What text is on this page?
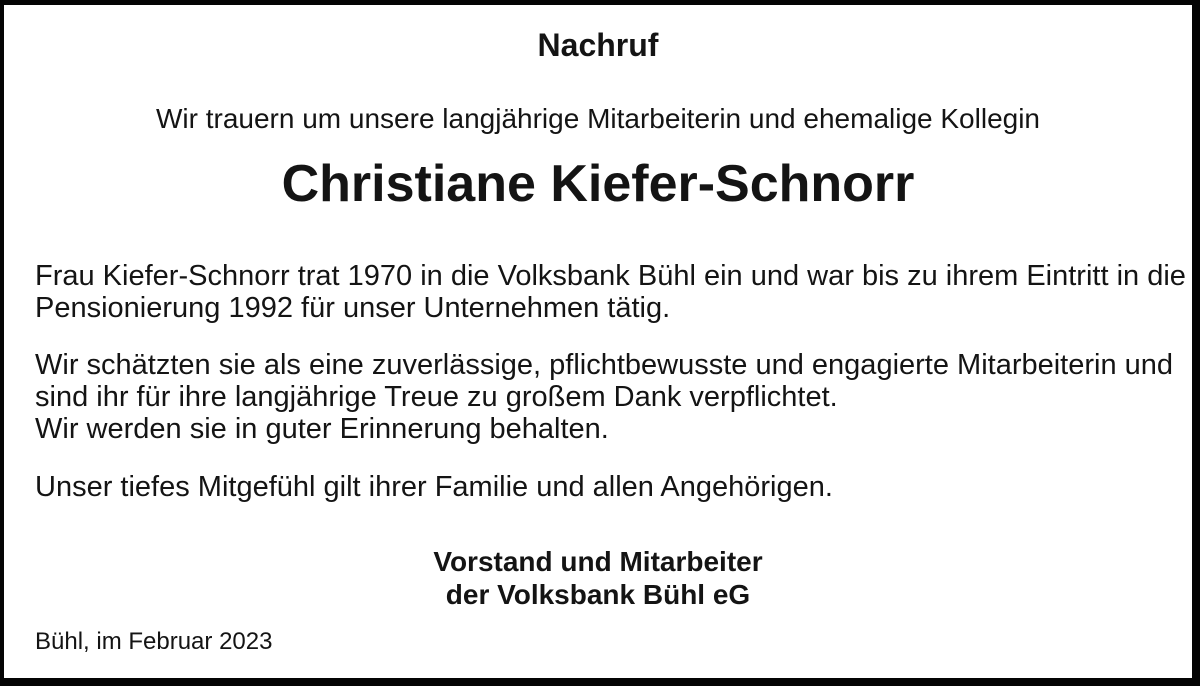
Nachruf
Wir trauern um unsere langjährige Mitarbeiterin und ehemalige Kollegin
Christiane Kiefer-Schnorr
Frau Kiefer-Schnorr trat 1970 in die Volksbank Bühl ein und war bis zu ihrem Eintritt in die
Pensionierung 1992 für unser Unternehmen tätig.
Wir schätzten sie als eine zuverlässige, pflichtbewusste und engagierte Mitarbeiterin und
sind ihr für ihre langjährige Treue zu großem Dank verpflichtet.
Wir werden sie in guter Erinnerung behalten.
Unser tiefes Mitgefühl gilt ihrer Familie und allen Angehörigen.
Vorstand und Mitarbeiter
der Volksbank Bühl eG
Bühl, im Februar 2023
